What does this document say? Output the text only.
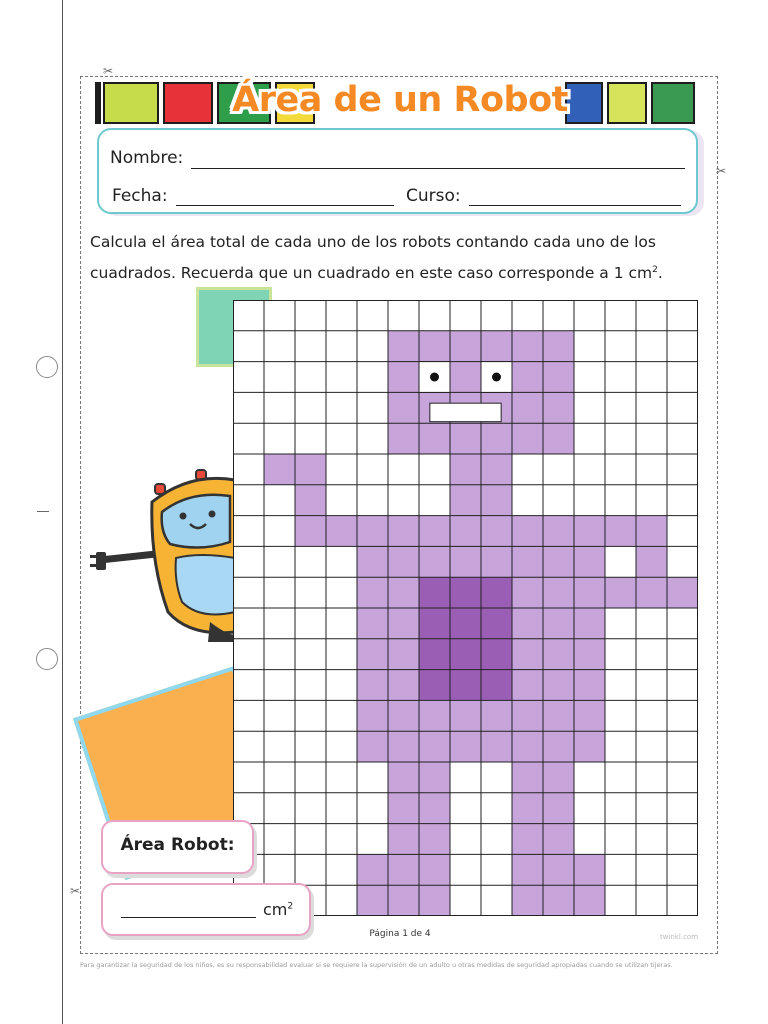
✂
✂
✂
Área de un Robot
Nombre:
Fecha:	Curso:
Calcula el área total de cada uno de los robots contando cada uno de los
cuadrados. Recuerda que un cuadrado en este caso corresponde a 1 $cm^2$.
Área Robot:
$cm^2$
Página 1 de 4	twinkl.com
Para garantizar la seguridad de los niños, es su responsabilidad evaluar si se requiere la supervisión de un adulto u otras medidas de seguridad apropiadas cuando se utilizan tijeras.
